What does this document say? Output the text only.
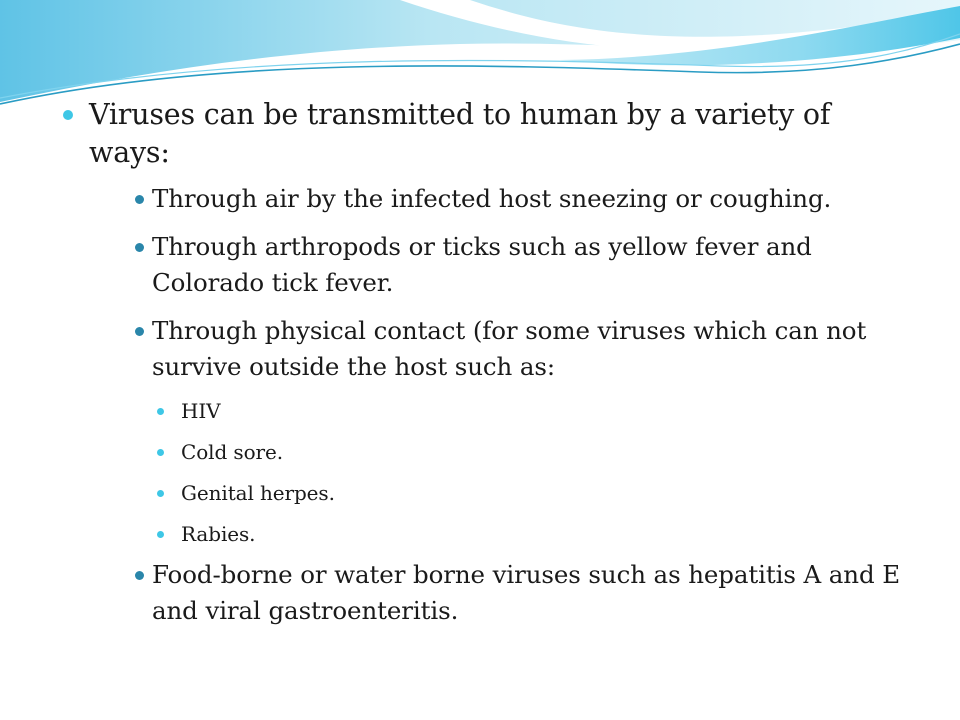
Viruses can be transmitted to human by a variety of ways:
Through air by the infected host sneezing or coughing.
Through arthropods or ticks such as yellow fever and Colorado tick fever.
Through physical contact (for some viruses which can not survive outside the host such as:
HIV
Cold sore.
Genital herpes.
Rabies.
Food-borne or water borne viruses such as hepatitis A and E and viral gastroenteritis.
